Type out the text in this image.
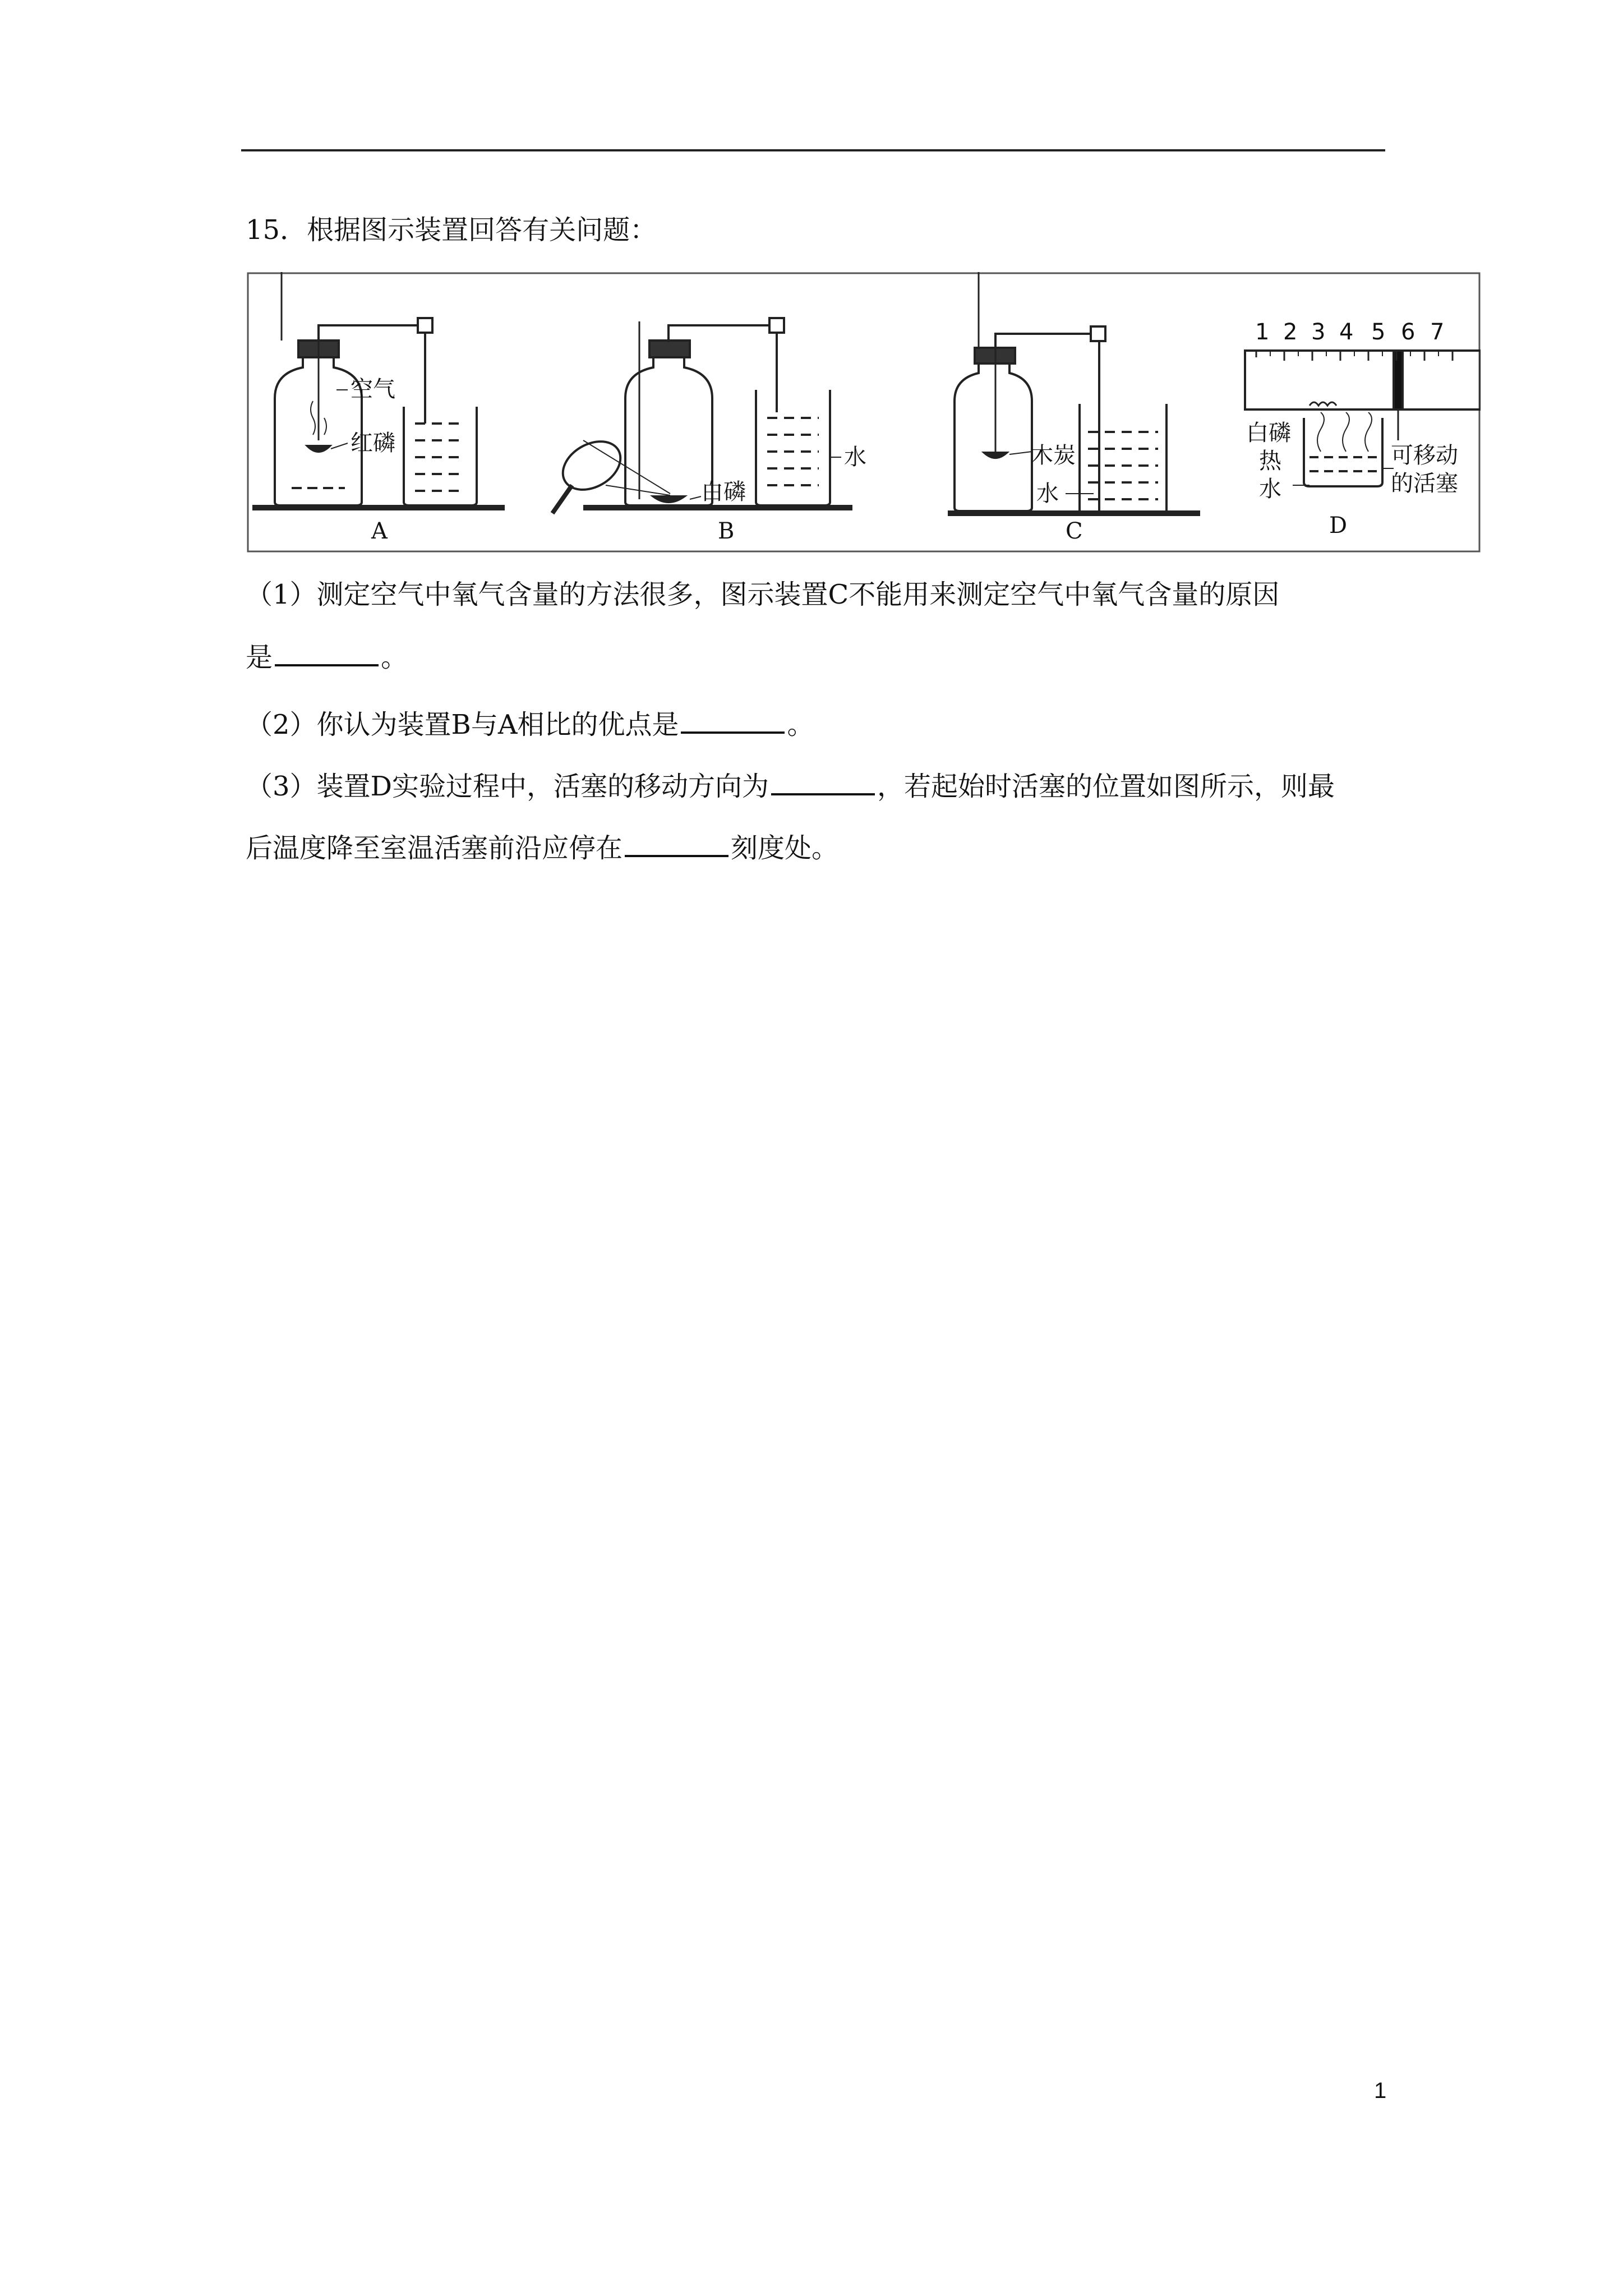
15．根据图示装置回答有关问题：
空气
红磷
A
白磷
水
B
木炭
水
C
1 2 3 4 5 6 7
白磷
热
水
可移动
的活塞
D
（1）测定空气中氧气含量的方法很多，图示装置C不能用来测定空气中氧气含量的原因
是	。
（2）你认为装置B与A相比的优点是	。
（3）装置D实验过程中，活塞的移动方向为	，若起始时活塞的位置如图所示，则最
后温度降至室温活塞前沿应停在	刻度处。
1
